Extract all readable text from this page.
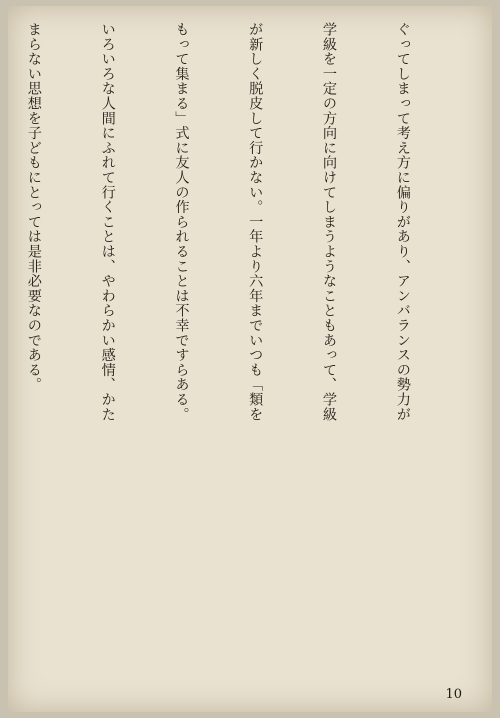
ぐってしまって考え方に偏りがあり、アンバランスの勢力が

学級を一定の方向に向けてしまうようなこともあって、学級

が新しく脱皮して行かない。一年より六年までいつも「類を

もって集まる」式に友人の作られることは不幸ですらある。

いろいろな人間にふれて行くことは、やわらかい感情、かた

まらない思想を子どもにとっては是非必要なのである。

10
